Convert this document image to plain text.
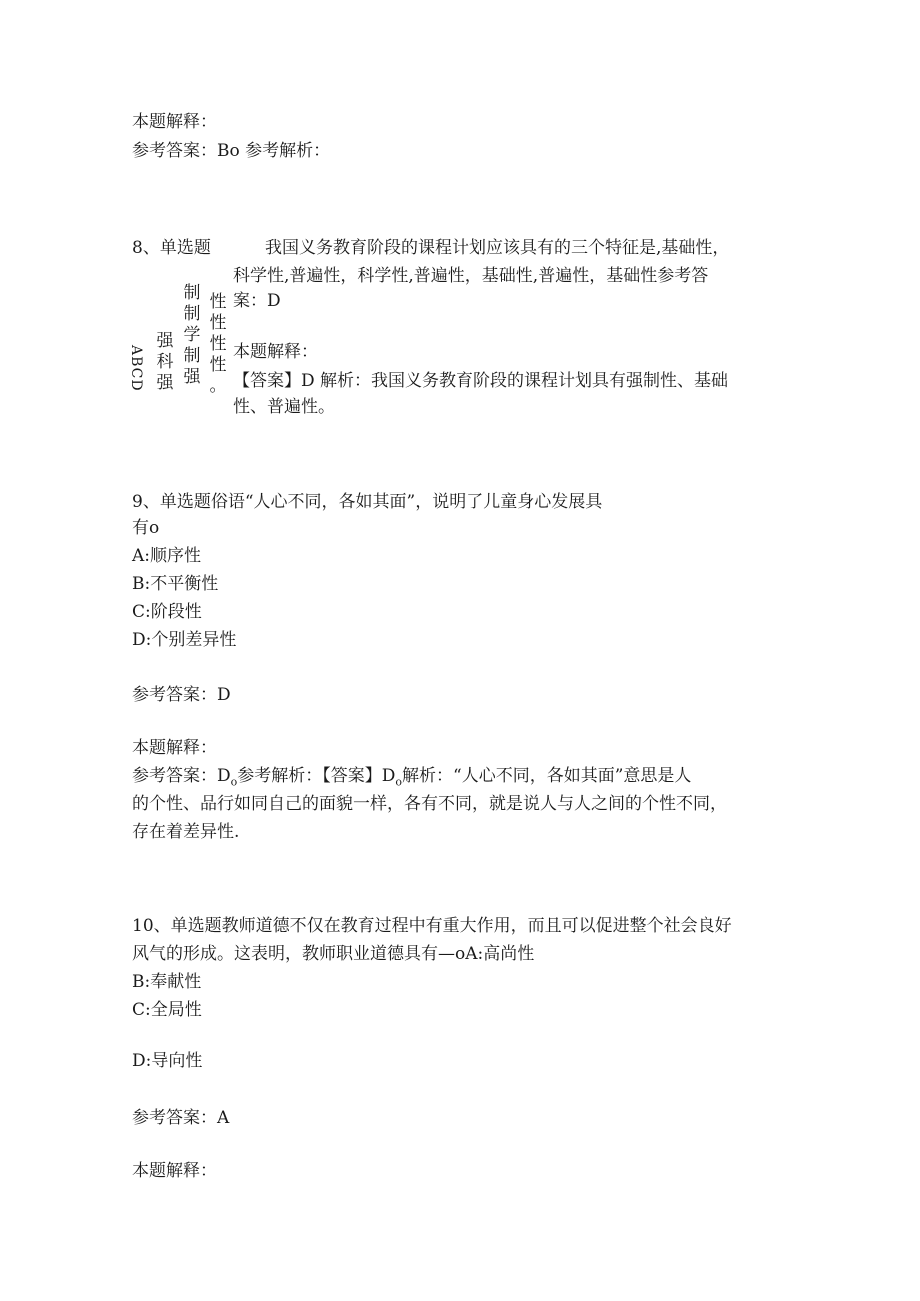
本题解释：
参考答案：Bo 参考解析：
8、单选题	我国义务教育阶段的课程计划应该具有的三个特征是,基础性，
科学性,普遍性，科学性,普遍性，基础性,普遍性，基础性参考答
案：D
ABCD
强
科
强
制
制
学
制
强
性
性
性
性
。
本题解释：
【答案】D 解析：我国义务教育阶段的课程计划具有强制性、基础
性、普遍性。
9、单选题俗语“人心不同，各如其面”，说明了儿童身心发展具
有o
A:顺序性
B:不平衡性
C:阶段性
D:个别差异性
参考答案：D
本题解释：
参考答案：$D_o$参考解析：【答案】$D_o$解析：“人心不同，各如其面”意思是人
的个性、品行如同自己的面貌一样，各有不同，就是说人与人之间的个性不同，
存在着差异性.
10、单选题教师道德不仅在教育过程中有重大作用，而且可以促进整个社会良好
风气的形成。这表明，教师职业道德具有—oA:高尚性
B:奉献性
C:全局性
D:导向性
参考答案：A
本题解释：
